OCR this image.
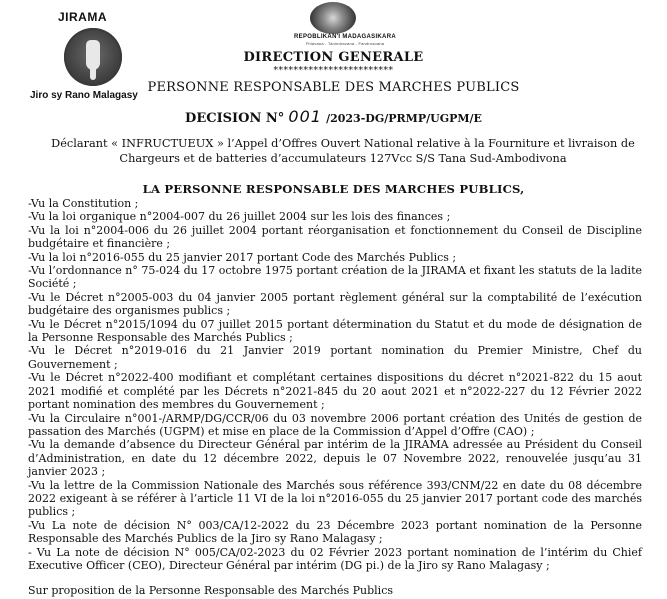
JIRAMA
Jiro sy Rano Malagasy
REPOBLIKAN'I MADAGASIKARA
Fitiavana - Tanindrazana - Fandrosoana
DIRECTION GENERALE
************************
PERSONNE RESPONSABLE DES MARCHES PUBLICS
DECISION N° 001 /2023-DG/PRMP/UGPM/E
Déclarant « INFRUCTUEUX » l’Appel d’Offres Ouvert National relative à la Fourniture et livraison de Chargeurs et de batteries d’accumulateurs 127Vcc S/S Tana Sud-Ambodivona
LA PERSONNE RESPONSABLE DES MARCHES PUBLICS,

-Vu la Constitution ;

-Vu la loi organique n°2004-007 du 26 juillet 2004 sur les lois des finances ;

-Vu la loi n°2004-006 du 26 juillet 2004 portant réorganisation et fonctionnement du Conseil de Discipline budgétaire et financière ;

-Vu la loi n°2016-055 du 25 janvier 2017 portant Code des Marchés Publics ;

-Vu l’ordonnance n° 75-024 du 17 octobre 1975 portant création de la JIRAMA et fixant les statuts de la ladite Société ;

-Vu le Décret n°2005-003 du 04 janvier 2005 portant règlement général sur la comptabilité de l’exécution budgétaire des organismes publics ;

-Vu le Décret n°2015/1094 du 07 juillet 2015 portant détermination du Statut et du mode de désignation de la Personne Responsable des Marchés Publics ;

-Vu le Décret n°2019-016 du 21 Janvier 2019 portant nomination du Premier Ministre, Chef du Gouvernement ;

-Vu le Décret n°2022-400 modifiant et complétant certaines dispositions du décret n°2021-822 du 15 aout 2021 modifié et complété par les Décrets n°2021-845 du 20 aout 2021 et n°2022-227 du 12 Février 2022 portant nomination des membres du Gouvernement ;

-Vu la Circulaire n°001-/ARMP/DG/CCR/06 du 03 novembre 2006 portant création des Unités de gestion de passation des Marchés (UGPM) et mise en place de la Commission d’Appel d’Offre (CAO) ;

-Vu la demande d’absence du Directeur Général par intérim de la JIRAMA adressée au Président du Conseil d’Administration, en date du 12 décembre 2022, depuis le 07 Novembre 2022, renouvelée jusqu’au 31 janvier 2023 ;

-Vu la lettre de la Commission Nationale des Marchés sous référence 393/CNM/22 en date du 08 décembre 2022 exigeant à se référer à l’article 11 VI de la loi n°2016-055 du 25 janvier 2017 portant code des marchés publics ;

-Vu La note de décision N° 003/CA/12-2022 du 23 Décembre 2023 portant nomination de la Personne Responsable des Marchés Publics de la Jiro sy Rano Malagasy ;

- Vu La note de décision N° 005/CA/02-2023 du 02 Février 2023 portant nomination de l’intérim du Chief Executive Officer (CEO), Directeur Général par intérim (DG pi.) de la Jiro sy Rano Malagasy ;

Sur proposition de la Personne Responsable des Marchés Publics
